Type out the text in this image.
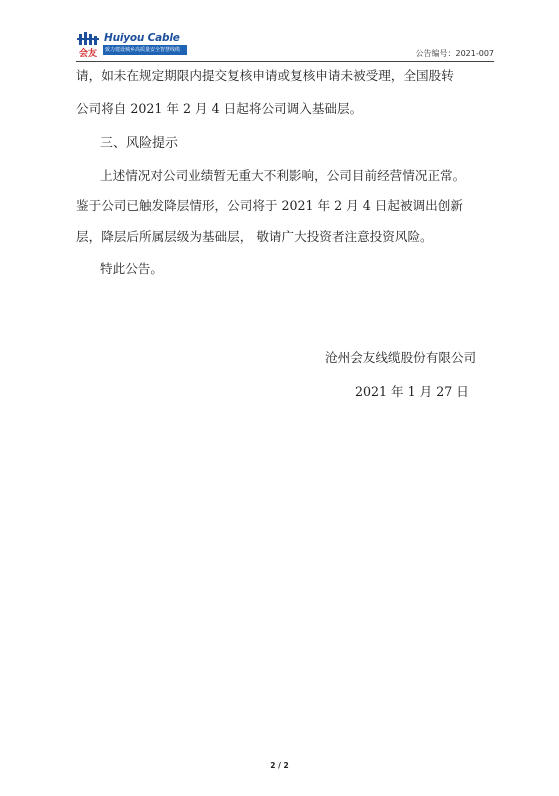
会友
Huiyou Cable
致力建设城乡高质量安全智慧线缆	公告编号：2021-007
请，如未在规定期限内提交复核申请或复核申请未被受理，全国股转
公司将自 2021 年 2 月 4 日起将公司调入基础层。
三、风险提示
上述情况对公司业绩暂无重大不利影响，公司目前经营情况正常。
鉴于公司已触发降层情形，公司将于 2021 年 2 月 4 日起被调出创新
层，降层后所属层级为基础层， 敬请广大投资者注意投资风险。
特此公告。
沧州会友线缆股份有限公司
2021 年 1 月 27 日
2 / 2
